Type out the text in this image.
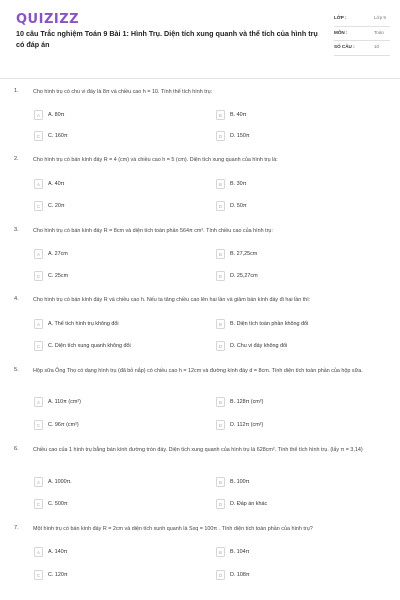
QUIZIZZ
10 câu Trắc nghiệm Toán 9 Bài 1: Hình Trụ. Diện tích xung quanh và thể tích của hình trụ có đáp án
LỚP :	Lớp 9
MÔN :	Toán
SỐ CÂU :	10
1.	Cho hình trụ có chu vi đáy là 8π và chiều cao h = 10. Tính thể tích hình trụ:
A	A. 80π	B	B. 40π
C	C. 160π	D	D. 150π
2.	Cho hình trụ có bán kính đáy R = 4 (cm) và chiều cao h = 5 (cm). Diện tích xung quanh của hình trụ là:
A	A. 40π	B	B. 30π
C	C. 20π	D	D. 50π
3.	Cho hình trụ có bán kính đáy R = 8cm và diện tích toàn phần 564π cm². Tính chiều cao của hình trụ:
A	A. 27cm	B	B. 27,25cm
C	C. 25cm	D	D. 25,27cm
4.	Cho hình trụ có bán kính đáy R và chiều cao h. Nếu ta tăng chiều cao lên hai lần và giảm bán kính đáy đi hai lần thì:
A	A. Thể tích hình trụ không đổi	B	B. Diện tích toàn phần không đổi
C	C. Diện tích xung quanh không đổi	D	D. Chu vi đáy không đổi
5.	Hộp sữa Ông Thọ có dạng hình trụ (đã bỏ nắp) có chiều cao h = 12cm và đường kính đáy d = 8cm. Tính diện tích toàn phần của hộp sữa.
A	A. 110π (cm²)	B	B. 128π (cm²)
C	C. 96π (cm²)	D	D. 112π (cm²)
6.	Chiều cao của 1 hình trụ bằng bán kính đường tròn đáy. Diện tích xung quanh của hình trụ là 628cm². Tính thể tích hình trụ. (lấy π = 3,14)
A	A. 1000π.	B	B. 100π
C	C. 500π	D	D. Đáp án khác
7.	Một hình trụ có bán kính đáy R = 2cm và diện tích xunh quanh là Sxq = 100π . Tính diện tích toàn phần của hình trụ?
A	A. 140π	B	B. 104π
C	C. 120π	D	D. 108π
